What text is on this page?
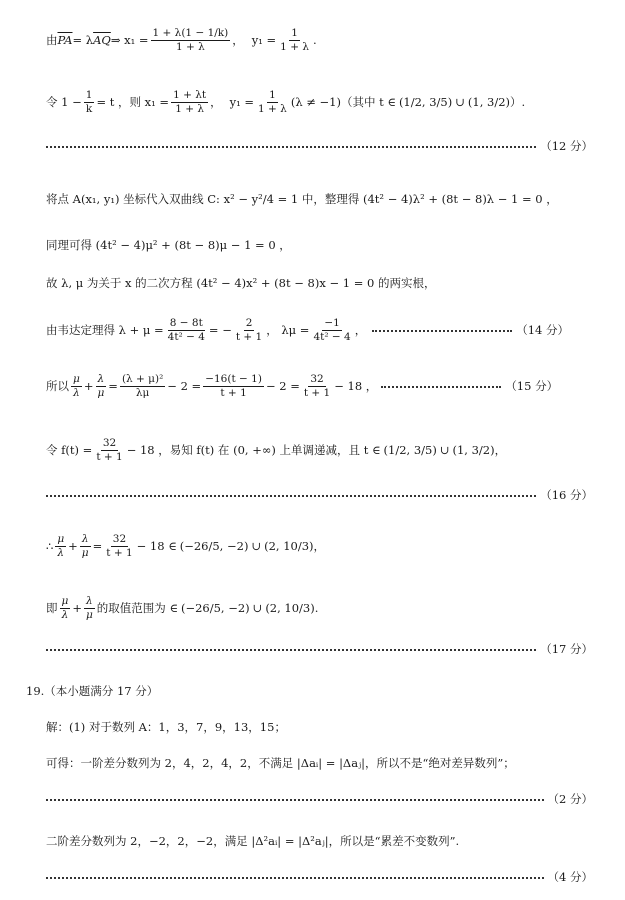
由 $\overline{PA} = \lambda$ $\overline{AQ}$ ⇒ $x_1 = \frac{1 + \lambda(1 - 1/k)}{1 + \lambda}$ ， $y_1 = \frac{1}{1 + \lambda}$ .
令 $1 - \frac{1}{k} = t$ ，则 $x_1 = \frac{1 + \lambda t}{1 + \lambda}$ ， $y_1 = \frac{1}{1 + \lambda} (\lambda \ne -1)$（其中 t ∈ (1/2, 3/5) ∪ (1, 3/2) ）.
（12 分）
将点 A(x₁, y₁) 坐标代入双曲线 C: x² − y²/4 = 1 中，整理得 (4t² − 4)λ² + (8t − 8)λ − 1 = 0 ，
同理可得 (4t² − 4)μ² + (8t − 8)μ − 1 = 0 ，
故 λ, μ 为关于 x 的二次方程 (4t² − 4)x² + (8t − 8)x − 1 = 0 的两实根，
由韦达定理得 $\lambda + \mu = \frac{8 - 8t}{\text{4t² − 4}}$ = − $\frac{2}{t + 1}$ ， $\lambda\mu = \frac{-1}{\text{4t² − 4}}$ ，	（14 分）
所以 $\frac{\mu}{\lambda} + \frac{\lambda}{\mu} = \frac{\text{(λ + μ)²}}{\lambda\mu} - 2 = \frac{-16(t - 1)}{t + 1} - 2 = \frac{32}{t + 1} - 18$ ，	（15 分）
令 $f(t) = \frac{32}{t + 1} - 18$ ，易知 f(t) 在 (0, +∞) 上单调递减，且 t ∈ (1/2, 3/5) ∪ (1, 3/2) ，
（16 分）
∴ $\frac{\mu}{\lambda} + \frac{\lambda}{\mu} = \frac{32}{t + 1} - 18$ ∈ (−26/5, −2) ∪ (2, 10/3) ，
即 $\frac{\mu}{\lambda} + \frac{\lambda}{\mu}$ 的取值范围为 ∈ (−26/5, −2) ∪ (2, 10/3) .
（17 分）
19.（本小题满分 17 分）
解：(1) 对于数列 A：1，3，7，9，13，15；
可得：一阶差分数列为 2，4，2，4，2，不满足 |Δaᵢ| = |Δaⱼ|，所以不是“绝对差异数列”；
（2 分）
二阶差分数列为 2，−2，2，−2，满足 |Δ²aᵢ| = |Δ²aⱼ|，所以是“累差不变数列”.
（4 分）
